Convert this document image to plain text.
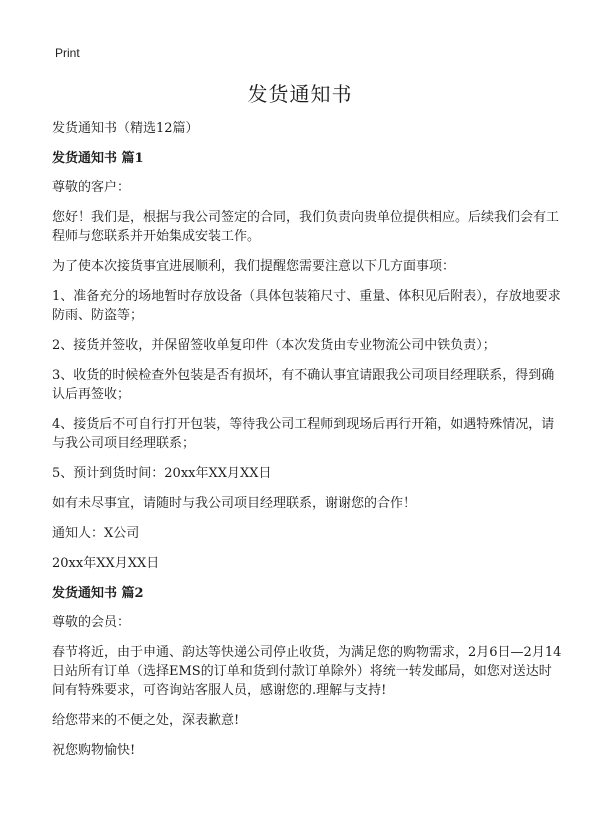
Print
发货通知书

发货通知书（精选12篇）

发货通知书 篇1

尊敬的客户：

您好！我们是，根据与我公司签定的合同，我们负责向贵单位提供相应。后续我们会有工程师与您联系并开始集成安装工作。

为了使本次接货事宜进展顺利，我们提醒您需要注意以下几方面事项：

1、准备充分的场地暂时存放设备（具体包装箱尺寸、重量、体积见后附表），存放地要求防雨、防盗等；

2、接货并签收，并保留签收单复印件（本次发货由专业物流公司中铁负责）；

3、收货的时候检查外包装是否有损坏，有不确认事宜请跟我公司项目经理联系，得到确认后再签收；

4、接货后不可自行打开包装，等待我公司工程师到现场后再行开箱，如遇特殊情况，请与我公司项目经理联系；

5、预计到货时间：20xx年XX月XX日

如有未尽事宜，请随时与我公司项目经理联系，谢谢您的合作！

通知人：X公司

20xx年XX月XX日

发货通知书 篇2

尊敬的会员：

春节将近，由于申通、韵达等快递公司停止收货，为满足您的购物需求，2月6日—2月14日站所有订单（选择EMS的订单和货到付款订单除外）将统一转发邮局，如您对送达时间有特殊要求，可咨询站客服人员，感谢您的.理解与支持!

给您带来的不便之处，深表歉意!

祝您购物愉快!
